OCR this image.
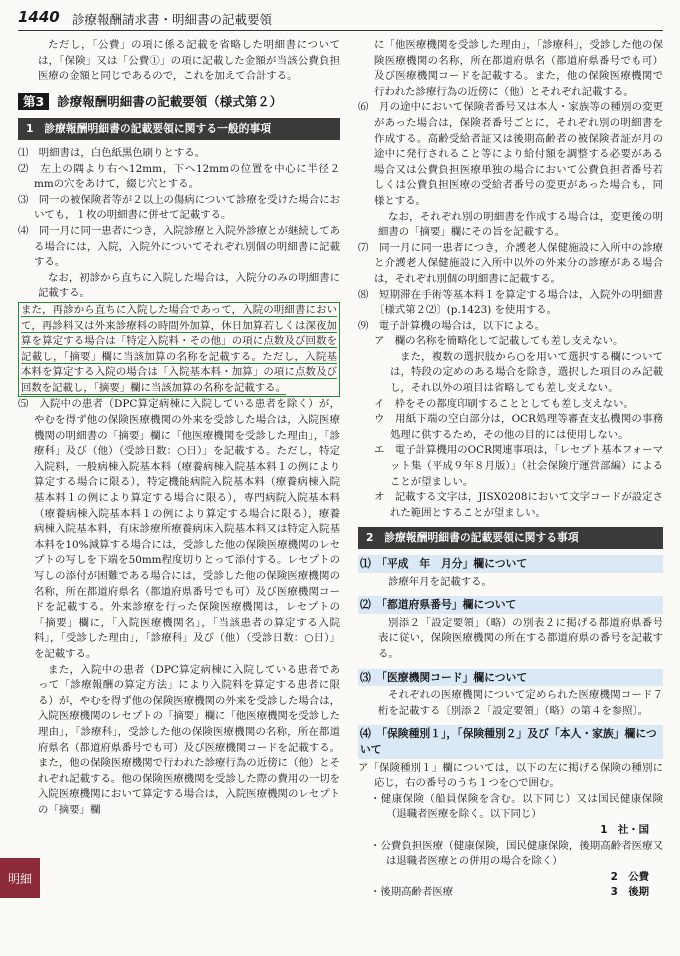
1440 診療報酬請求書・明細書の記載要領

ただし，「公費」の項に係る記載を省略した明細書については，「保険」又は「公費①」の項に記載した金額が当該公費負担医療の金額と同じであるので，これを加えて合計する。

第3	診療報酬明細書の記載要領（様式第２）
1　診療報酬明細書の記載要領に関する一般的事項

⑴　明細書は，白色紙黒色刷りとする。

⑵　左上の隅より右へ12mm，下へ12mmの位置を中心に半径２mmの穴をあけて，綴じ穴とする。

⑶　同一の被保険者等が２以上の傷病について診療を受けた場合においても，１枚の明細書に併せて記載する。

⑷　同一月に同一患者につき，入院診療と入院外診療とが継続してある場合には，入院，入院外についてそれぞれ別個の明細書に記載する。

なお，初診から直ちに入院した場合は，入院分のみの明細書に記載する。

また，再診から直ちに入院した場合であって，入院の明細書において，再診料又は外来診療料の時間外加算，休日加算若しくは深夜加算を算定する場合は「特定入院料・その他」の項に点数及び回数を記載し，「摘要」欄に当該加算の名称を記載する。ただし，入院基本料を算定する入院の場合は「入院基本料・加算」の項に点数及び回数を記載し，「摘要」欄に当該加算の名称を記載する。

⑸　入院中の患者（DPC算定病棟に入院している患者を除く）が，やむを得ず他の保険医療機関の外来を受診した場合は，入院医療機関の明細書の「摘要」欄に「他医療機関を受診した理由」，「診療科」及び（他）（受診日数：○日）」を記載する。ただし，特定入院料，一般病棟入院基本料（療養病棟入院基本料１の例により算定する場合に限る），特定機能病院入院基本料（療養病棟入院基本料１の例により算定する場合に限る），専門病院入院基本料（療養病棟入院基本料１の例により算定する場合に限る），療養病棟入院基本料，有床診療所療養病床入院基本料又は特定入院基本料を10%減算する場合には，受診した他の保険医療機関のレセプトの写しを下端を50mm程度切りとって添付する。レセプトの写しの添付が困難である場合には，受診した他の保険医療機関の名称，所在都道府県名（都道府県番号でも可）及び医療機関コードを記載する。外来診療を行った保険医療機関は，レセプトの「摘要」欄に，「入院医療機関名」，「当該患者の算定する入院料」，「受診した理由」，「診療科」及び（他）（受診日数：○日）」を記載する。

また，入院中の患者（DPC算定病棟に入院している患者であって「診療報酬の算定方法」により入院料を算定する患者に限る）が，やむを得ず他の保険医療機関の外来を受診した場合は，入院医療機関のレセプトの「摘要」欄に「他医療機関を受診した理由」，「診療科」，受診した他の保険医療機関の名称，所在都道府県名（都道府県番号でも可）及び医療機関コードを記載する。また，他の保険医療機関で行われた診療行為の近傍に（他）とそれぞれ記載する。他の保険医療機関を受診した際の費用の一切を入院医療機関において算定する場合は，入院医療機関のレセプトの「摘要」欄

に「他医療機関を受診した理由」，「診療科」，受診した他の保険医療機関の名称，所在都道府県名（都道府県番号でも可）及び医療機関コードを記載する。また，他の保険医療機関で行われた診療行為の近傍に（他）とそれぞれ記載する。

⑹　月の途中において保険者番号又は本人・家族等の種別の変更があった場合は，保険者番号ごとに，それぞれ別の明細書を作成する。高齢受給者証又は後期高齢者の被保険者証が月の途中に発行されること等により給付額を調整する必要がある場合又は公費負担医療単独の場合において公費負担者番号若しくは公費負担医療の受給者番号の変更があった場合も，同様とする。

なお，それぞれ別の明細書を作成する場合は，変更後の明細書の「摘要」欄にその旨を記載する。

⑺　同一月に同一患者につき，介護老人保健施設に入所中の診療と介護老人保健施設に入所中以外の外来分の診療がある場合は，それぞれ別個の明細書に記載する。

⑻　短期滞在手術等基本料１を算定する場合は，入院外の明細書〔様式第２⑵〕(p.1423) を使用する。

⑼　電子計算機の場合は，以下による。

ア　欄の名称を簡略化して記載しても差し支えない。

また，複数の選択肢から○を用いて選択する欄については，特段の定めのある場合を除き，選択した項目のみ記載し，それ以外の項目は省略しても差し支えない。

イ　枠をその都度印刷することとしても差し支えない。

ウ　用紙下端の空白部分は，OCR処理等審査支払機関の事務処理に供するため，その他の目的には使用しない。

エ　電子計算機用のOCR関連事項は，「レセプト基本フォーマット集（平成９年８月版）」（社会保険庁運営部編）によることが望ましい。

オ　記載する文字は，JISX0208において文字コードが設定された範囲とすることが望ましい。

2　診療報酬明細書の記載要領に関する事項
⑴　「平成　年　月分」欄について

診療年月を記載する。

⑵　「都道府県番号」欄について

別添２「設定要領」（略）の別表２に掲げる都道府県番号表に従い，保険医療機関の所在する都道府県の番号を記載する。

⑶　「医療機関コード」欄について

それぞれの医療機関について定められた医療機関コード７桁を記載する〔別添２「設定要領」（略）の第４を参照〕。

⑷　「保険種別１」，「保険種別２」及び「本人・家族」欄について

ア「保険種別１」欄については，以下の左に掲げる保険の種別に応じ，右の番号のうち１つを○で囲む。

・健康保険（船員保険を含む。以下同じ）又は国民健康保険（退職者医療を除く。以下同じ）

1　社・国

・公費負担医療（健康保険，国民健康保険，後期高齢者医療又は退職者医療との併用の場合を除く）

2　公費
・後期高齢者医療	3　後期
明細
